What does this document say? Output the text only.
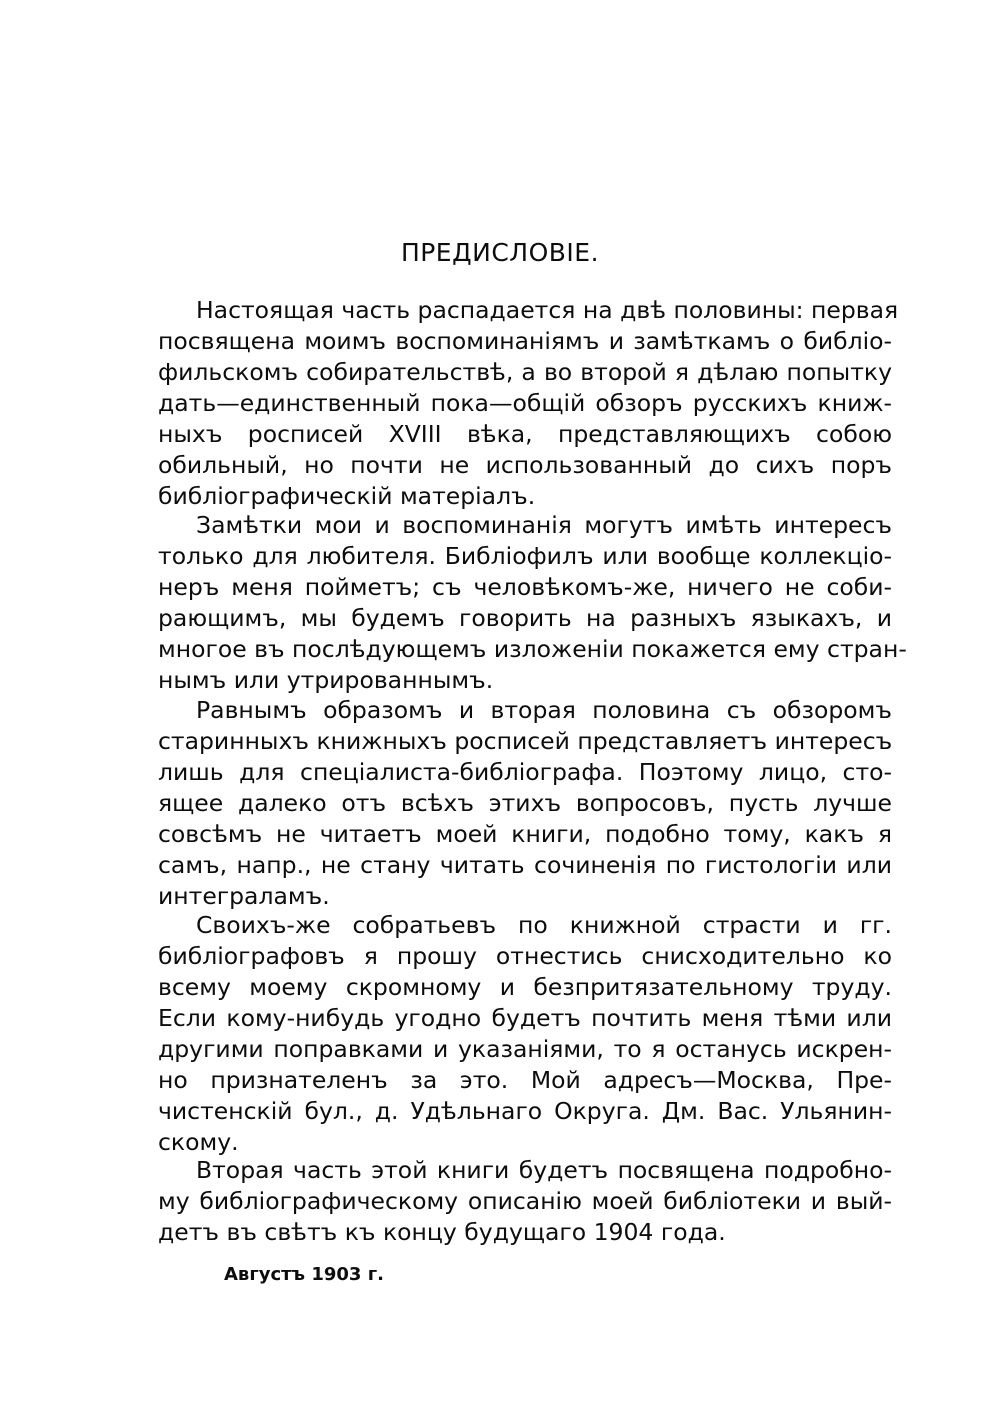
ПРЕДИСЛОВІЕ.

Настоящая часть распадается на двѣ половины: первая

посвящена моимъ воспоминаніямъ и замѣткамъ о библіо-

фильскомъ собирательствѣ, а во второй я дѣлаю попытку

дать—единственный пока—общій обзоръ русскихъ книж-

ныхъ росписей XVIII вѣка, представляющихъ собою

обильный, но почти не использованный до сихъ поръ

библіографическій матеріалъ.

Замѣтки мои и воспоминанія могутъ имѣть интересъ

только для любителя. Библіофилъ или вообще коллекціо-

неръ меня пойметъ; съ человѣкомъ-же, ничего не соби-

рающимъ, мы будемъ говорить на разныхъ языкахъ, и

многое въ послѣдующемъ изложеніи покажется ему стран-

нымъ или утрированнымъ.

Равнымъ образомъ и вторая половина съ обзоромъ

старинныхъ книжныхъ росписей представляетъ интересъ

лишь для спеціалиста-библіографа. Поэтому лицо, сто-

ящее далеко отъ всѣхъ этихъ вопросовъ, пусть лучше

совсѣмъ не читаетъ моей книги, подобно тому, какъ я

самъ, напр., не стану читать сочиненія по гистологіи или

интеграламъ.

Своихъ-же собратьевъ по книжной страсти и гг.

библіографовъ я прошу отнестись снисходительно ко

всему моему скромному и безпритязательному труду.

Если кому-нибудь угодно будетъ почтить меня тѣми или

другими поправками и указаніями, то я останусь искрен-

но признателенъ за это. Мой адресъ—Москва, Пре-

чистенскій бул., д. Удѣльнаго Округа. Дм. Вас. Ульянин-

скому.

Вторая часть этой книги будетъ посвящена подробно-

му библіографическому описанію моей библіотеки и вый-

детъ въ свѣтъ къ концу будущаго 1904 года.

Августъ 1903 г.
